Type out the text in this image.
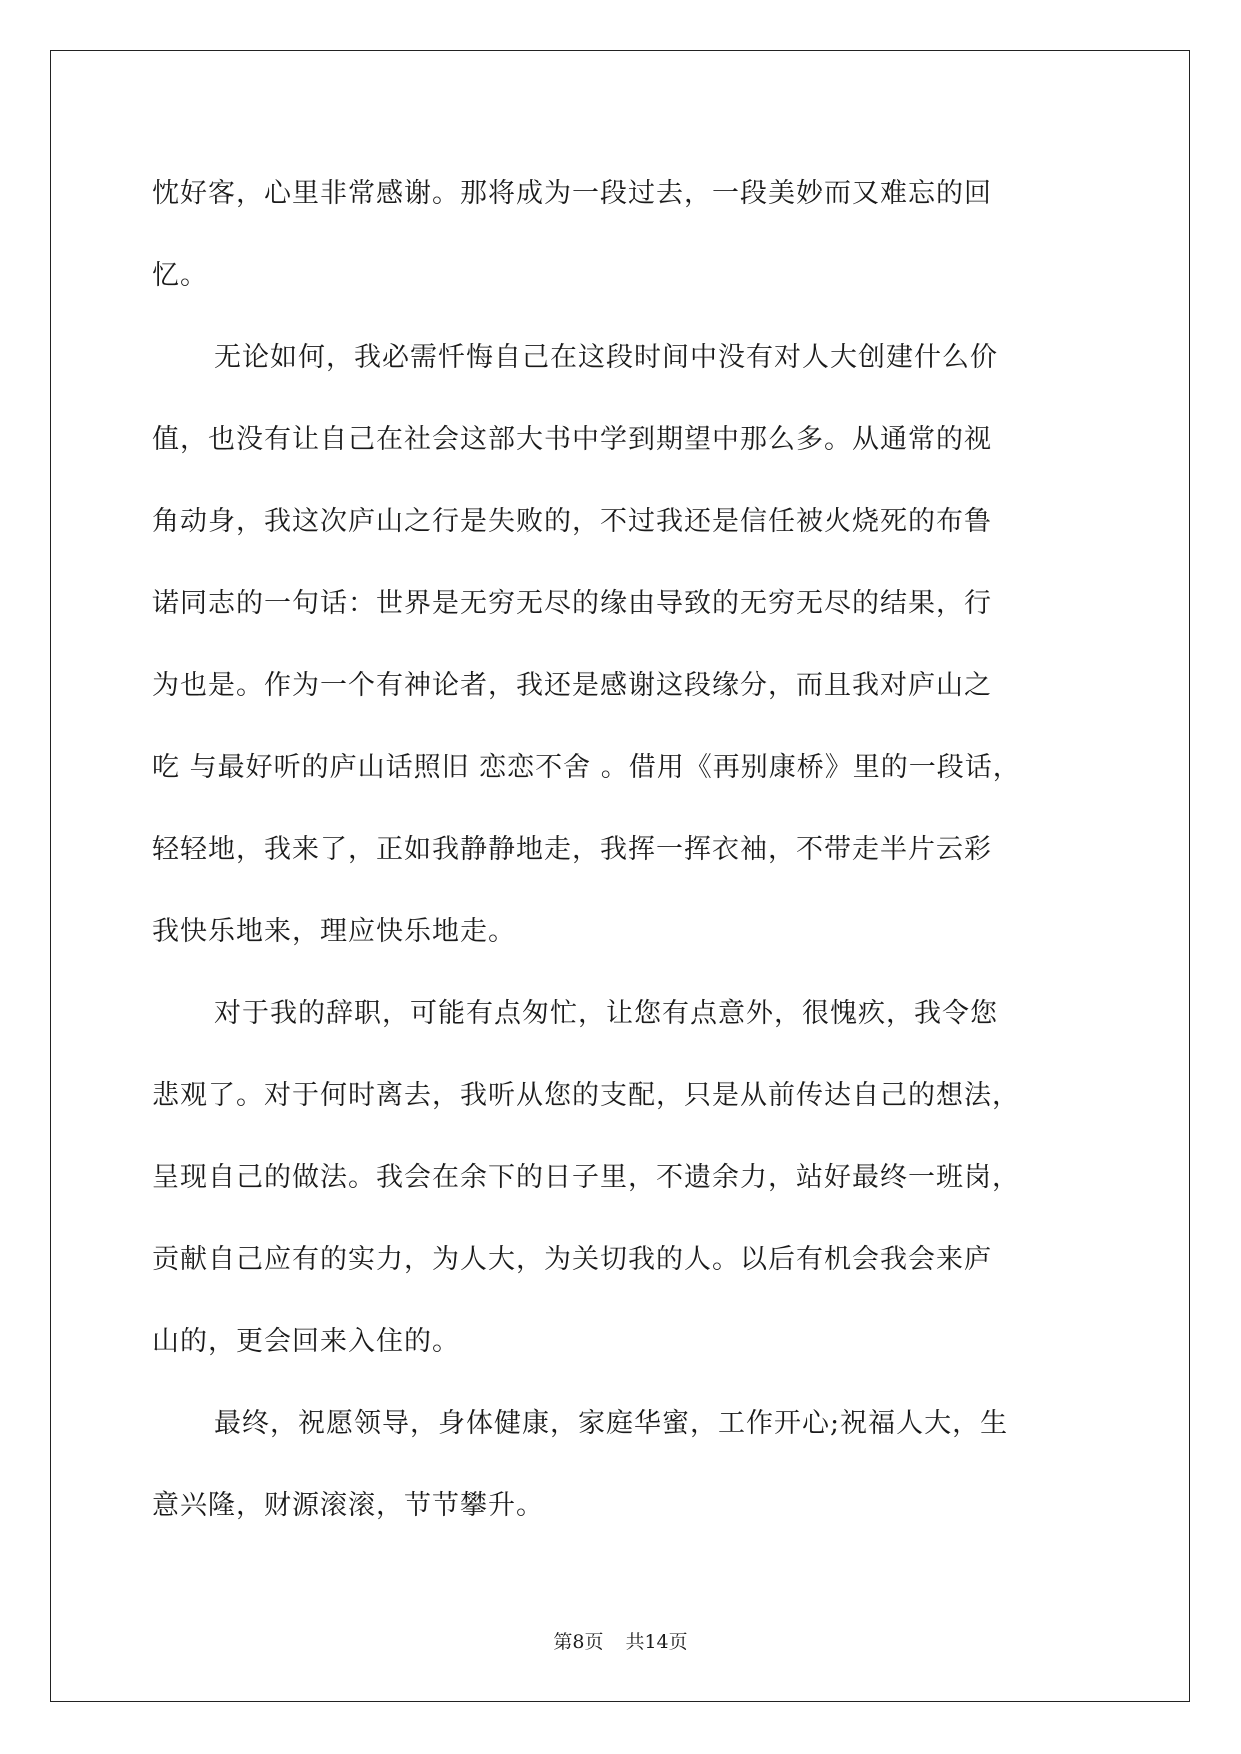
忱好客，心里非常感谢。那将成为一段过去，一段美妙而又难忘的回
忆。
无论如何，我必需忏悔自己在这段时间中没有对人大创建什么价
值，也没有让自己在社会这部大书中学到期望中那么多。从通常的视
角动身，我这次庐山之行是失败的，不过我还是信任被火烧死的布鲁
诺同志的一句话：世界是无穷无尽的缘由导致的无穷无尽的结果，行
为也是。作为一个有神论者，我还是感谢这段缘分，而且我对庐山之
吃 与最好听的庐山话照旧 恋恋不舍 。借用《再别康桥》里的一段话，
轻轻地，我来了，正如我静静地走，我挥一挥衣袖，不带走半片云彩
我快乐地来，理应快乐地走。
对于我的辞职，可能有点匆忙，让您有点意外，很愧疚，我令您
悲观了。对于何时离去，我听从您的支配，只是从前传达自己的想法，
呈现自己的做法。我会在余下的日子里，不遗余力，站好最终一班岗，
贡献自己应有的实力，为人大，为关切我的人。以后有机会我会来庐
山的，更会回来入住的。
最终，祝愿领导，身体健康，家庭华蜜，工作开心;祝福人大，生
意兴隆，财源滚滚，节节攀升。
第8页 共14页
